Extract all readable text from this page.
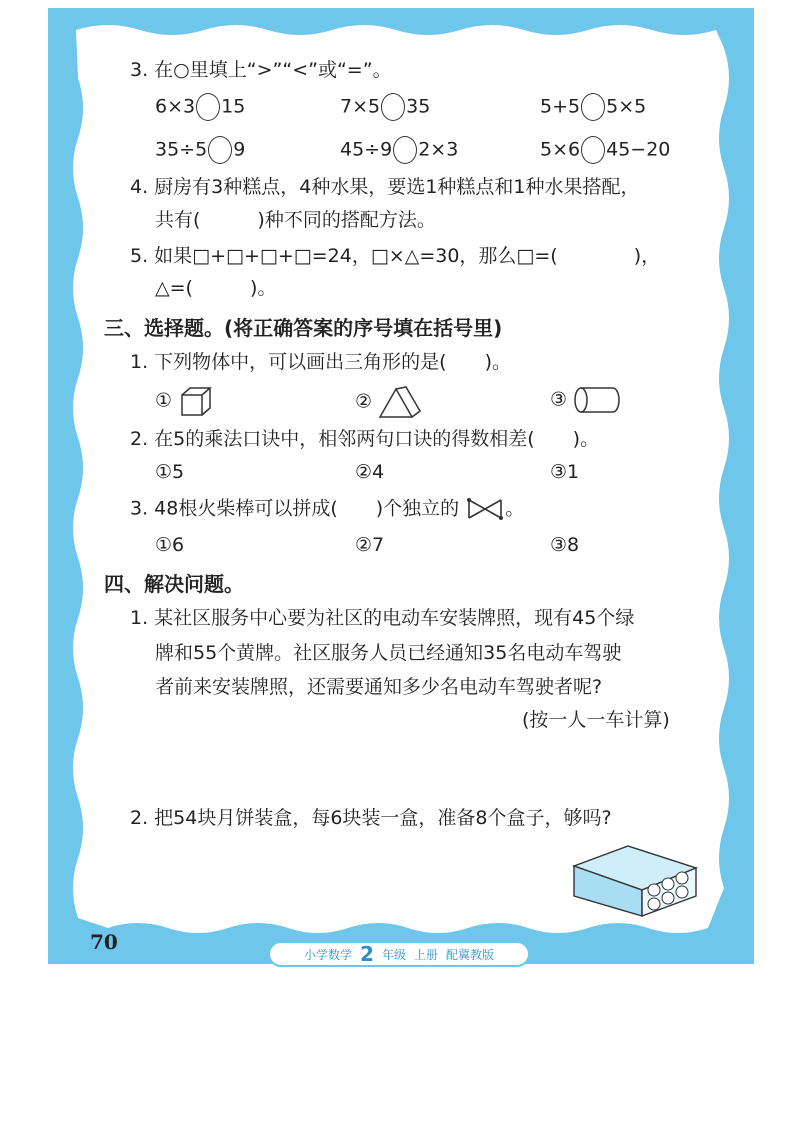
3. 在○里填上“>”“<”或“=”。
6×3 15	7×5 35	5+5 5×5
35÷5 9	45÷9 2×3	5×6 45−20
4. 厨房有3种糕点，4种水果，要选1种糕点和1种水果搭配，
共有(　　　)种不同的搭配方法。
5. 如果□+□+□+□=24，□×△=30，那么□=(　　　　)，
△=(　　　)。
三、选择题。(将正确答案的序号填在括号里)
1. 下列物体中，可以画出三角形的是(　　)。
①	②	③
2. 在5的乘法口诀中，相邻两句口诀的得数相差(　　)。
①5	②4	③1
3. 48根火柴棒可以拼成(　　)个独立的 。
①6	②7	③8
四、解决问题。
1. 某社区服务中心要为社区的电动车安装牌照，现有45个绿
牌和55个黄牌。社区服务人员已经通知35名电动车驾驶
者前来安装牌照，还需要通知多少名电动车驾驶者呢?
(按一人一车计算)
2. 把54块月饼装盒，每6块装一盒，准备8个盒子，够吗?
70
小学数学 2 年级 上册 配冀教版
